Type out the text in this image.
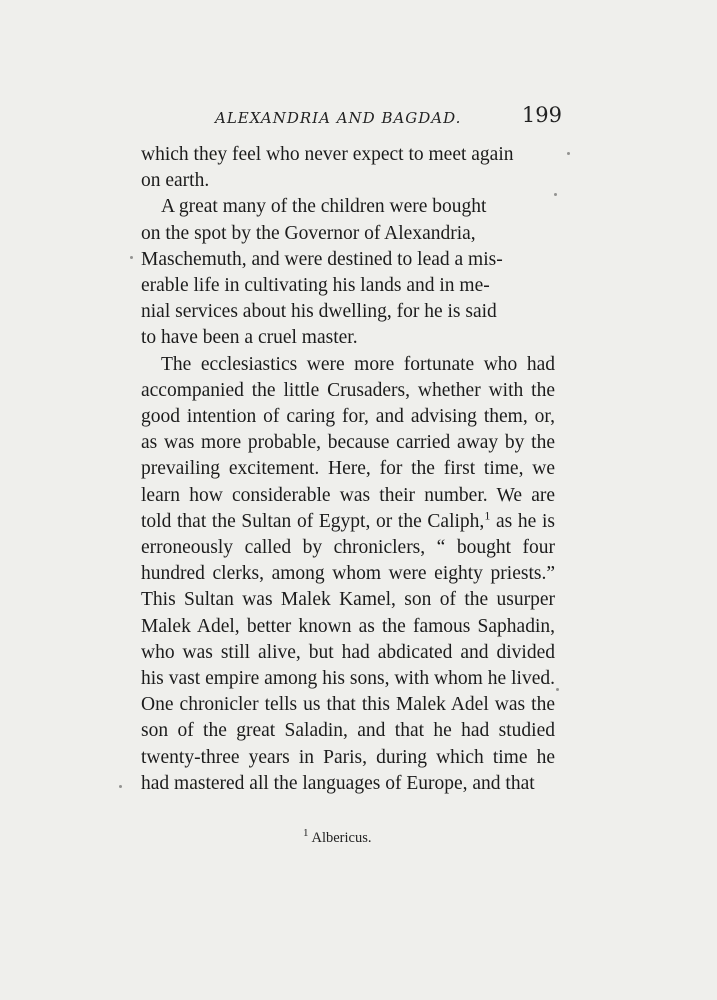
ALEXANDRIA AND BAGDAD.	199

which they feel who never expect to meet again
on earth.

A great many of the children were bought
on the spot by the Governor of Alexandria,
Maschemuth, and were destined to lead a mis-
erable life in cultivating his lands and in me-
nial services about his dwelling, for he is said
to have been a cruel master.

The ecclesiastics were more fortunate who had accompanied the little Crusaders, whether with the good intention of caring for, and advising them, or, as was more probable, because carried away by the prevailing excitement. Here, for the first time, we learn how considerable was their number. We are told that the Sultan of Egypt, or the Caliph,$^1$ as he is erroneously called by chroniclers, “ bought four hundred clerks, among whom were eighty priests.” This Sultan was Malek Kamel, son of the usurper Malek Adel, better known as the famous Saphadin, who was still alive, but had abdicated and divided his vast empire among his sons, with whom he lived. One chronicler tells us that this Malek Adel was the son of the great Saladin, and that he had studied twenty-three years in Paris, during which time he had mastered all the languages of Europe, and that

$^1$ Albericus.
